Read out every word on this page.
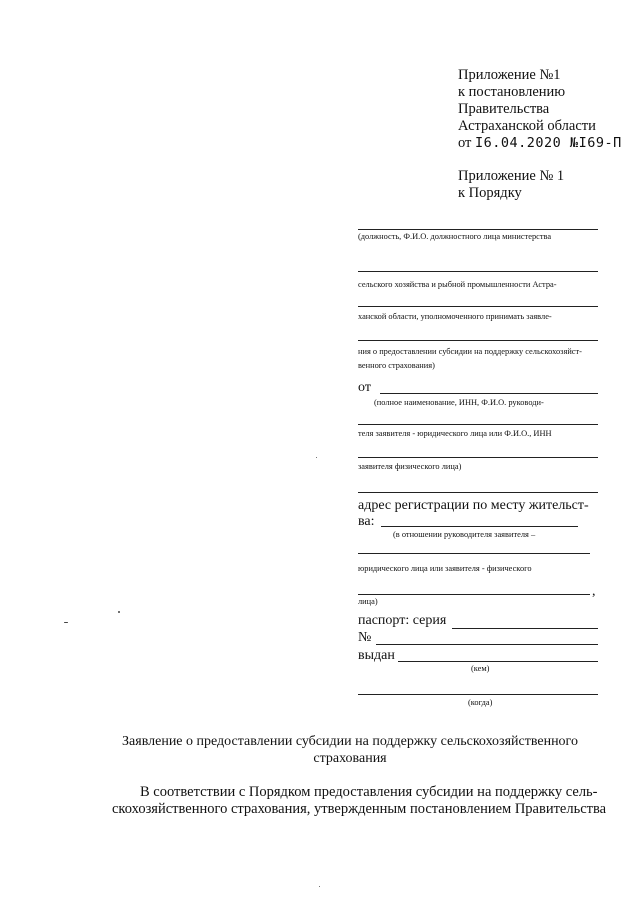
Приложение №1
к постановлению
Правительства
Астраханской области
от I6.04.2020 №I69-П
Приложение № 1
к Порядку
(должность, Ф.И.О. должностного лица министерства
сельского хозяйства и рыбной промышленности Астра-
ханской области, уполномоченного принимать заявле-
ния о предоставлении субсидии на поддержку сельскохозяйст-
венного страхования)
от
(полное наименование, ИНН, Ф.И.О. руководи-
теля заявителя - юридического лица или Ф.И.О., ИНН
заявителя физического лица)
адрес регистрации по месту жительст-
ва:
(в отношении руководителя заявителя –
юридического лица или заявителя - физического
,
лица)
паспорт: серия
№
выдан
(кем)
(когда)
Заявление о предоставлении субсидии на поддержку сельскохозяйственного
страхования
В соответствии с Порядком предоставления субсидии на поддержку сель-
скохозяйственного страхования, утвержденным постановлением Правительства
